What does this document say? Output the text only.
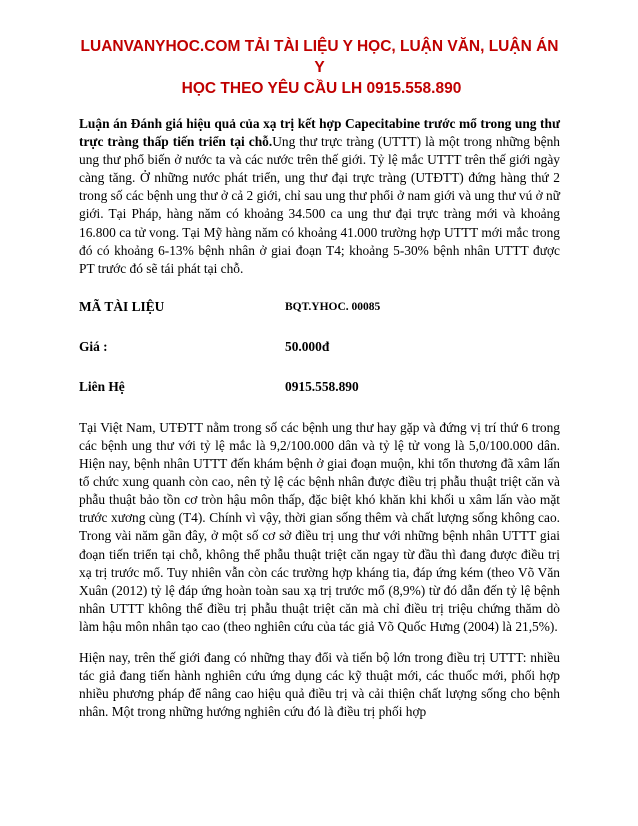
LUANVANYHOC.COM TẢI TÀI LIỆU Y HỌC, LUẬN VĂN, LUẬN ÁN Y
HỌC THEO YÊU CẦU LH 0915.558.890

Luận án Đánh giá hiệu quả của xạ trị kết hợp Capecitabine trước mổ trong ung thư trực tràng thấp tiến triển tại chỗ.Ung thư trực tràng (UTTT) là một trong những bệnh ung thư phổ biến ở nước ta và các nước trên thế giới. Tỷ lệ mắc UTTT trên thế giới ngày càng tăng. Ở những nước phát triển, ung thư đại trực tràng (UTĐTT) đứng hàng thứ 2 trong số các bệnh ung thư ở cả 2 giới, chỉ sau ung thư phổi ở nam giới và ung thư vú ở nữ giới. Tại Pháp, hàng năm có khoảng 34.500 ca ung thư đại trực tràng mới và khoảng 16.800 ca tử vong. Tại Mỹ hàng năm có khoảng 41.000 trường hợp UTTT mới mắc trong đó có khoảng 6-13% bệnh nhân ở giai đoạn T4; khoảng 5-30% bệnh nhân UTTT được PT trước đó sẽ tái phát tại chỗ.

MÃ TÀI LIỆU	BQT.YHOC. 00085
Giá :	50.000đ
Liên Hệ	0915.558.890

Tại Việt Nam, UTĐTT nằm trong số các bệnh ung thư hay gặp và đứng vị trí thứ 6 trong các bệnh ung thư với tỷ lệ mắc là 9,2/100.000 dân và tỷ lệ tử vong là 5,0/100.000 dân. Hiện nay, bệnh nhân UTTT đến khám bệnh ở giai đoạn muộn, khi tổn thương đã xâm lấn tổ chức xung quanh còn cao, nên tỷ lệ các bệnh nhân được điều trị phẫu thuật triệt căn và phẫu thuật bảo tồn cơ tròn hậu môn thấp, đặc biệt khó khăn khi khối u xâm lấn vào mặt trước xương cùng (T4). Chính vì vậy, thời gian sống thêm và chất lượng sống không cao. Trong vài năm gần đây, ở một số cơ sở điều trị ung thư với những bệnh nhân UTTT giai đoạn tiến triển tại chỗ, không thể phẫu thuật triệt căn ngay từ đầu thì đang được điều trị xạ trị trước mổ. Tuy nhiên vẫn còn các trường hợp kháng tia, đáp ứng kém (theo Võ Văn Xuân (2012) tỷ lệ đáp ứng hoàn toàn sau xạ trị trước mổ (8,9%) từ đó dẫn đến tỷ lệ bệnh nhân UTTT không thể điều trị phẫu thuật triệt căn mà chỉ điều trị triệu chứng thăm dò làm hậu môn nhân tạo cao (theo nghiên cứu của tác giả Võ Quốc Hưng (2004) là 21,5%).

Hiện nay, trên thế giới đang có những thay đổi và tiến bộ lớn trong điều trị UTTT: nhiều tác giả đang tiến hành nghiên cứu ứng dụng các kỹ thuật mới, các thuốc mới, phối hợp nhiều phương pháp để nâng cao hiệu quả điều trị và cải thiện chất lượng sống cho bệnh nhân. Một trong những hướng nghiên cứu đó là điều trị phối hợp
